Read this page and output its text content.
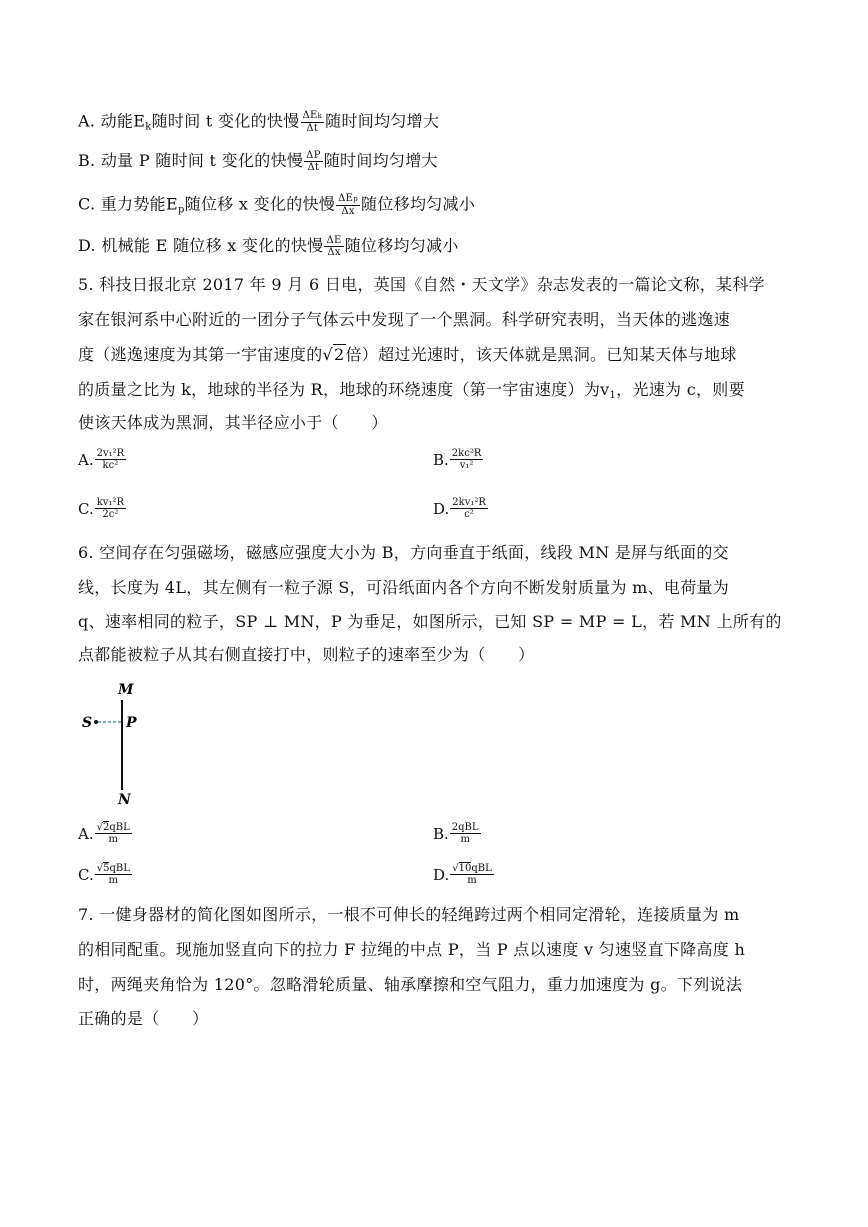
A. 动能$E_k$随时间 t 变化的快慢 $\frac{\text{ΔEk}}{\Delta t}$ 随时间均匀增大
B. 动量 P 随时间 t 变化的快慢 $\frac{\Delta P}{\Delta t}$ 随时间均匀增大
C. 重力势能$E_p$随位移 x 变化的快慢 $\frac{\text{ΔEp}}{\Delta x}$ 随位移均匀减小
D. 机械能 E 随位移 x 变化的快慢 $\frac{\Delta E}{\Delta x}$ 随位移均匀减小
5. 科技日报北京 2017 年 9 月 6 日电，英国《自然・天文学》杂志发表的一篇论文称，某科学
家在银河系中心附近的一团分子气体云中发现了一个黑洞。科学研究表明，当天体的逃逸速
度（逃逸速度为其第一宇宙速度的√2倍）超过光速时，该天体就是黑洞。已知某天体与地球
的质量之比为 k，地球的半径为 R，地球的环绕速度（第一宇宙速度）为$v_1$，光速为 c，则要
使该天体成为黑洞，其半径应小于（　　）
A. $\frac{\text{2v₁²R}}{\text{kc²}}$	B. $\frac{\text{2kc²R}}{\text{v₁²}}$
C. $\frac{\text{kv₁²R}}{\text{2c²}}$	D. $\frac{\text{2kv₁²R}}{\text{c²}}$
6. 空间存在匀强磁场，磁感应强度大小为 B，方向垂直于纸面，线段 MN 是屏与纸面的交
线，长度为 4L，其左侧有一粒子源 S，可沿纸面内各个方向不断发射质量为 m、电荷量为
q、速率相同的粒子，SP ⊥ MN，P 为垂足，如图所示，已知 SP = MP = L，若 MN 上所有的
点都能被粒子从其右侧直接打中，则粒子的速率至少为（　　）
M
N
S P
A. $\frac{\text{√2qBL}}{m}$	B. $\frac{\text{2qBL}}{m}$
C. $\frac{\text{√5qBL}}{m}$	D. $\frac{\text{√10qBL}}{m}$
7. 一健身器材的简化图如图所示，一根不可伸长的轻绳跨过两个相同定滑轮，连接质量为 m
的相同配重。现施加竖直向下的拉力 F 拉绳的中点 P，当 P 点以速度 v 匀速竖直下降高度 h
时，两绳夹角恰为 120°。忽略滑轮质量、轴承摩擦和空气阻力，重力加速度为 g。下列说法
正确的是（　　）
